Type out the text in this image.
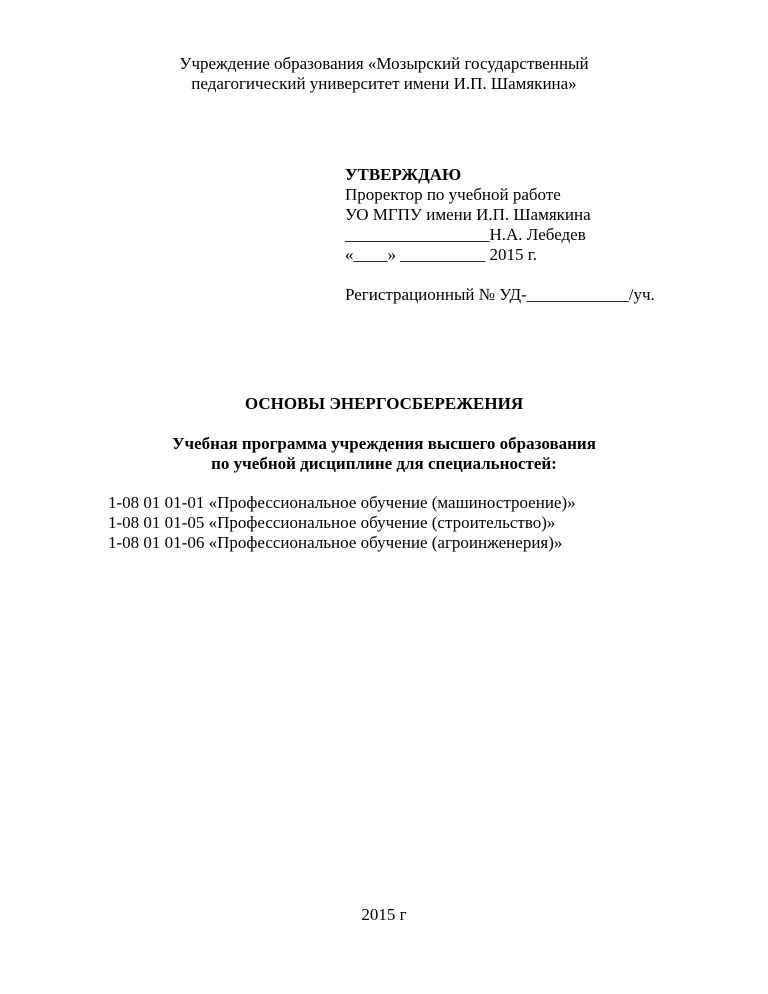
Учреждение образования «Мозырский государственный
педагогический университет имени И.П. Шамякина»
УТВЕРЖДАЮ
Проректор по учебной работе
УО МГПУ имени И.П. Шамякина
_________________Н.А. Лебедев
«____» __________ 2015 г.
Регистрационный № УД-____________/уч.
ОСНОВЫ ЭНЕРГОСБЕРЕЖЕНИЯ
Учебная программа учреждения высшего образования
по учебной дисциплине для специальностей:
1-08 01 01-01 «Профессиональное обучение (машиностроение)»
1-08 01 01-05 «Профессиональное обучение (строительство)»
1-08 01 01-06 «Профессиональное обучение (агроинженерия)»
2015 г
